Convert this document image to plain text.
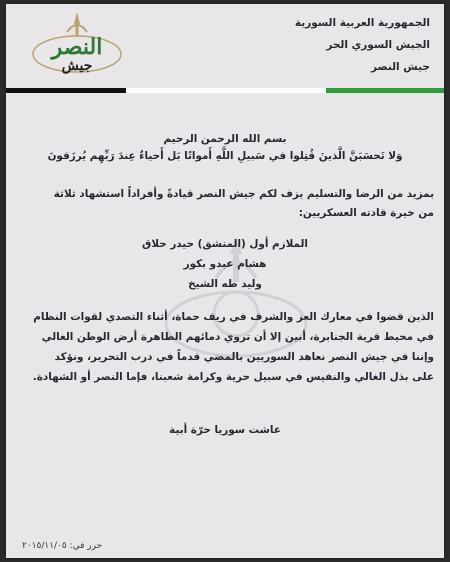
الجمهورية العربية السورية
الجيش السوري الحر
جيش النصر
النصر
جيش
بسم الله الرحمن الرحيم
وَلا تَحسَبَنَّ الَّذينَ قُتِلوا في سَبيلِ اللَّهِ أَمواتًا بَل أَحياءٌ عِندَ رَبِّهِم يُرزَقونَ
بمزيد من الرضا والتسليم يزف لكم جيش النصر قيادةً وأفراداً استشهاد ثلاثة
من خيرة قادته العسكريين:
الملازم أول (المنشق) حيدر حلاق
هشام عبدو بكور
وليد طه الشيخ
الذين قضوا في معارك العز والشرف في ريف حماة، أثناء التصدي لقوات النظام
في محيط قرية الجنابرة، أبين إلا أن تروي دمائهم الطاهرة أرض الوطن الغالي
وإننا في جيش النصر نعاهد السوريين بالمضي قدماً في درب التحرير، ونؤكد
على بذل الغالي والنفيس في سبيل حرية وكرامة شعبنا، فإما النصر أو الشهادة.
عاشت سوريا حرّة أبية
حرر في: ٢٠١٥/١١/٠٥
